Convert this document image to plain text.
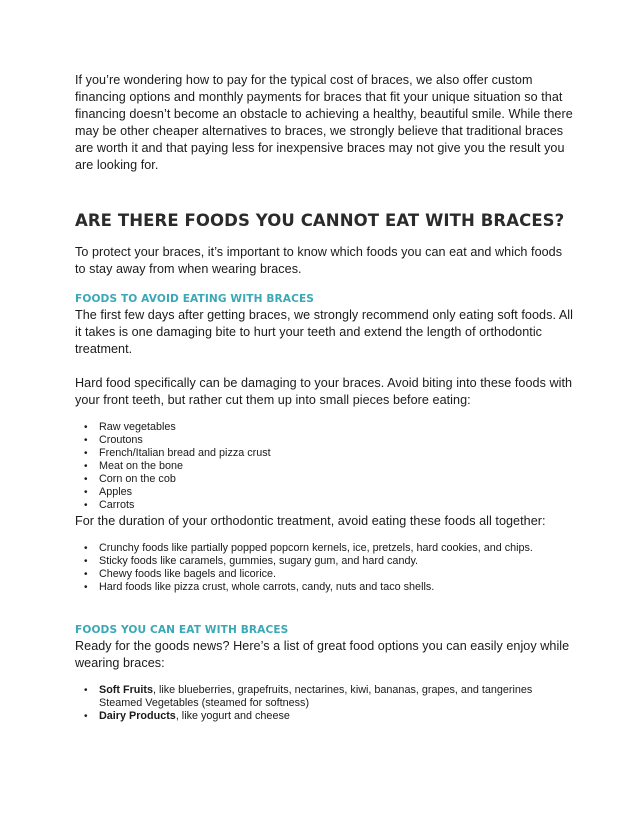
If you’re wondering how to pay for the typical cost of braces, we also offer custom financing options and monthly payments for braces that fit your unique situation so that financing doesn’t become an obstacle to achieving a healthy, beautiful smile. While there may be other cheaper alternatives to braces, we strongly believe that traditional braces are worth it and that paying less for inexpensive braces may not give you the result you are looking for.

ARE THERE FOODS YOU CANNOT EAT WITH BRACES?

To protect your braces, it’s important to know which foods you can eat and which foods to stay away from when wearing braces.

FOODS TO AVOID EATING WITH BRACES

The first few days after getting braces, we strongly recommend only eating soft foods. All it takes is one damaging bite to hurt your teeth and extend the length of orthodontic treatment.

Hard food specifically can be damaging to your braces. Avoid biting into these foods with your front teeth, but rather cut them up into small pieces before eating:

• Raw vegetables
• Croutons
• French/Italian bread and pizza crust
• Meat on the bone
• Corn on the cob
• Apples
• Carrots

For the duration of your orthodontic treatment, avoid eating these foods all together:

• Crunchy foods like partially popped popcorn kernels, ice, pretzels, hard cookies, and chips.
• Sticky foods like caramels, gummies, sugary gum, and hard candy.
• Chewy foods like bagels and licorice.
• Hard foods like pizza crust, whole carrots, candy, nuts and taco shells.
FOODS YOU CAN EAT WITH BRACES

Ready for the goods news? Here’s a list of great food options you can easily enjoy while wearing braces:

• Soft Fruits, like blueberries, grapefruits, nectarines, kiwi, bananas, grapes, and tangerines
Steamed Vegetables (steamed for softness)
• Dairy Products, like yogurt and cheese
